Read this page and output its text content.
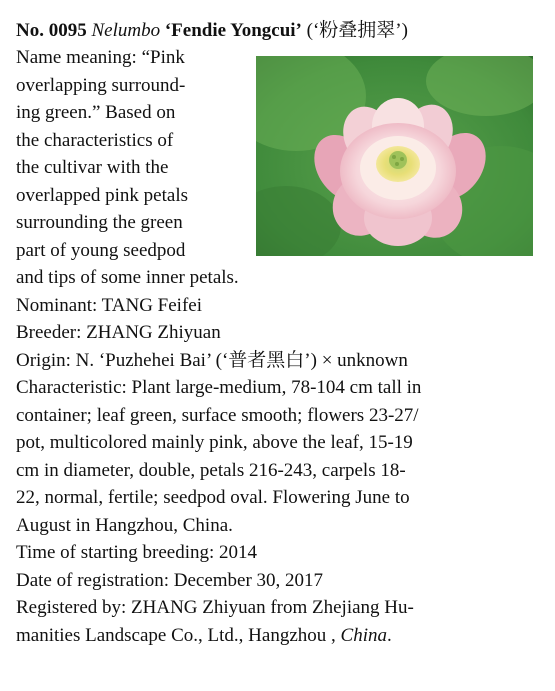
No. 0095 Nelumbo ‘Fendie Yongcui’ (‘粉叠拥翠’)
Name meaning: “Pink
overlapping surround-
ing green.” Based on
the characteristics of
the cultivar with the
overlapped pink petals
surrounding the green
part of young seedpod
and tips of some inner petals.
Nominant: TANG Feifei
Breeder: ZHANG Zhiyuan
Origin: N. ‘Puzhehei Bai’ (‘普者黑白’) × unknown
Characteristic: Plant large-medium, 78-104 cm tall in
container; leaf green, surface smooth; flowers 23-27/
pot, multicolored mainly pink, above the leaf, 15-19
cm in diameter, double, petals 216-243, carpels 18-
22, normal, fertile; seedpod oval. Flowering June to
August in Hangzhou, China.
Time of starting breeding: 2014
Date of registration: December 30, 2017
Registered by: ZHANG Zhiyuan from Zhejiang Hu-
manities Landscape Co., Ltd., Hangzhou , China.
